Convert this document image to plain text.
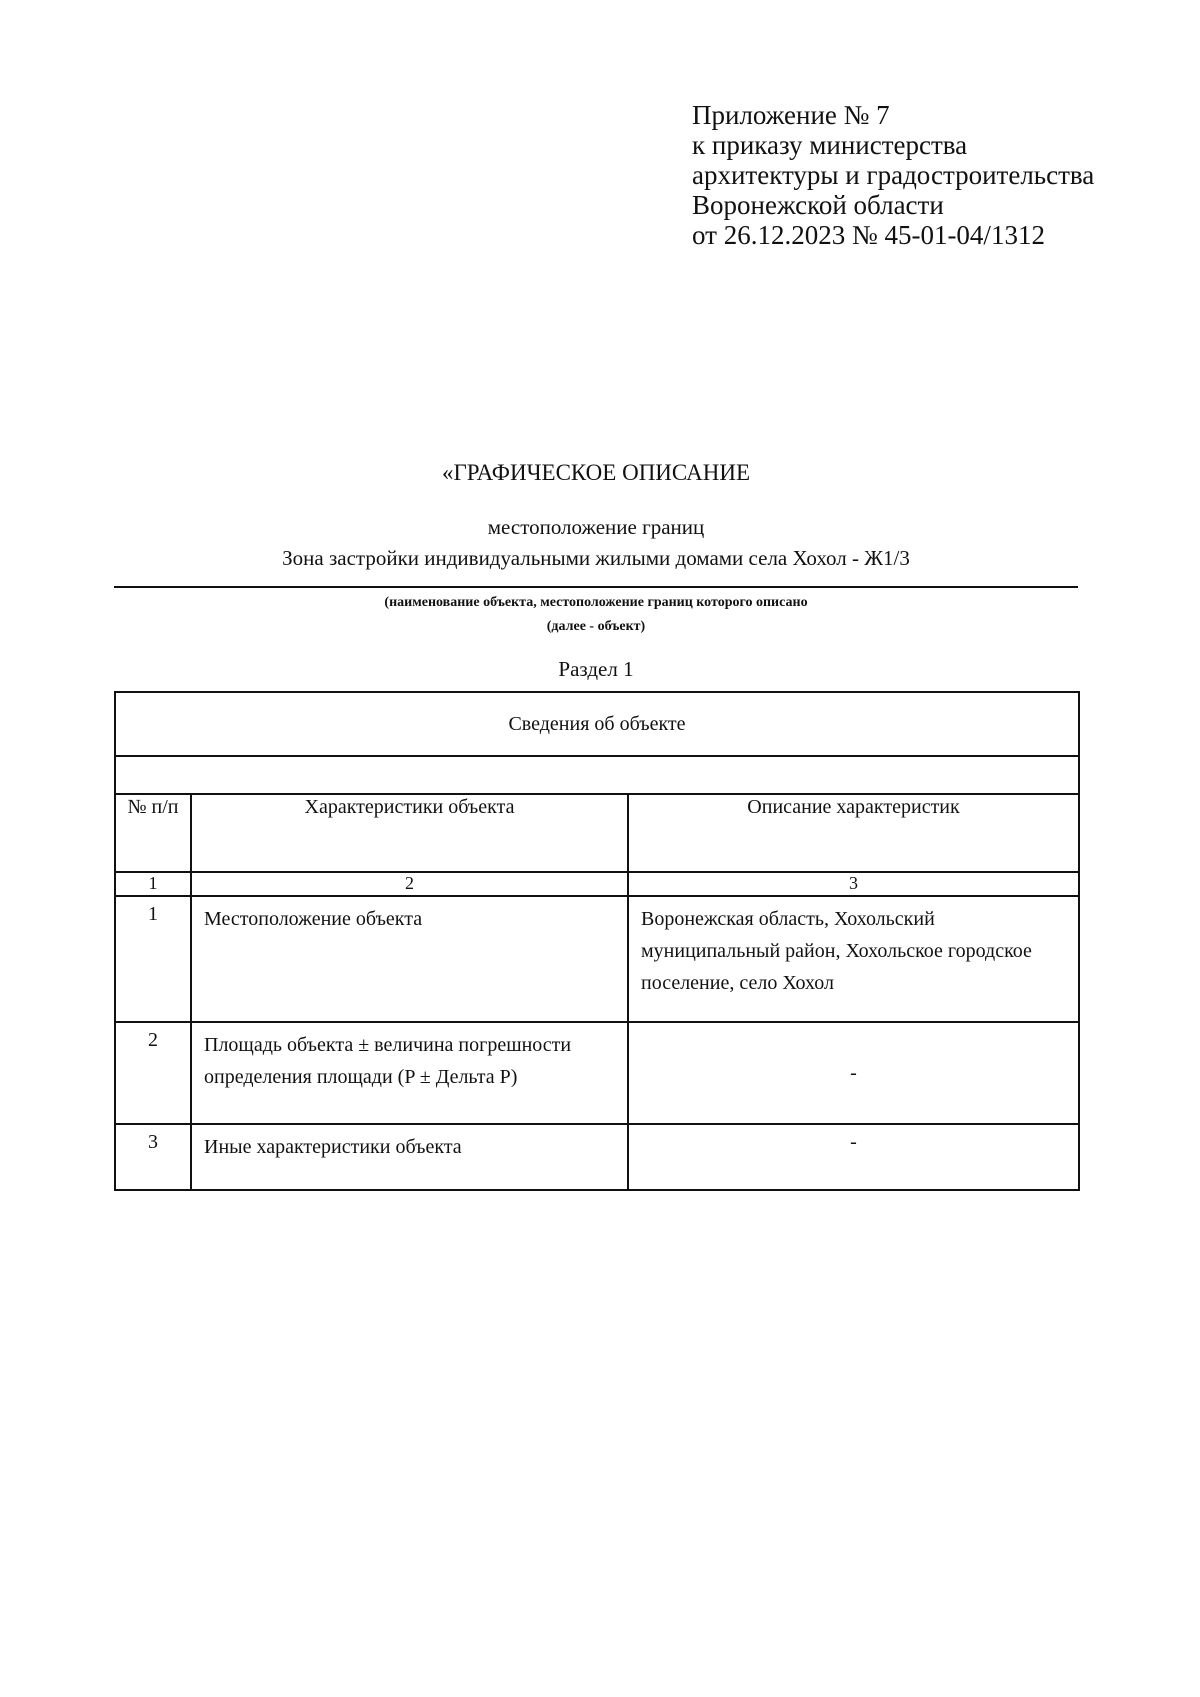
Приложение № 7
к приказу министерства
архитектуры и градостроительства
Воронежской области
от 26.12.2023 № 45-01-04/1312
«ГРАФИЧЕСКОЕ ОПИСАНИЕ
местоположение границ
Зона застройки индивидуальными жилыми домами села Хохол - Ж1/3
(наименование объекта, местоположение границ которого описано
(далее - объект)
Раздел 1
Сведения об объекте		

№ п/п	Характеристики объекта	Описание характеристик
1	2	3
1	Местоположение объекта	Воронежская область, Хохольский муниципальный район, Хохольское городское поселение, село Хохол
2	Площадь объекта ± величина погрешности определения площади (P ± Дельта P)	-
3	Иные характеристики объекта	-
